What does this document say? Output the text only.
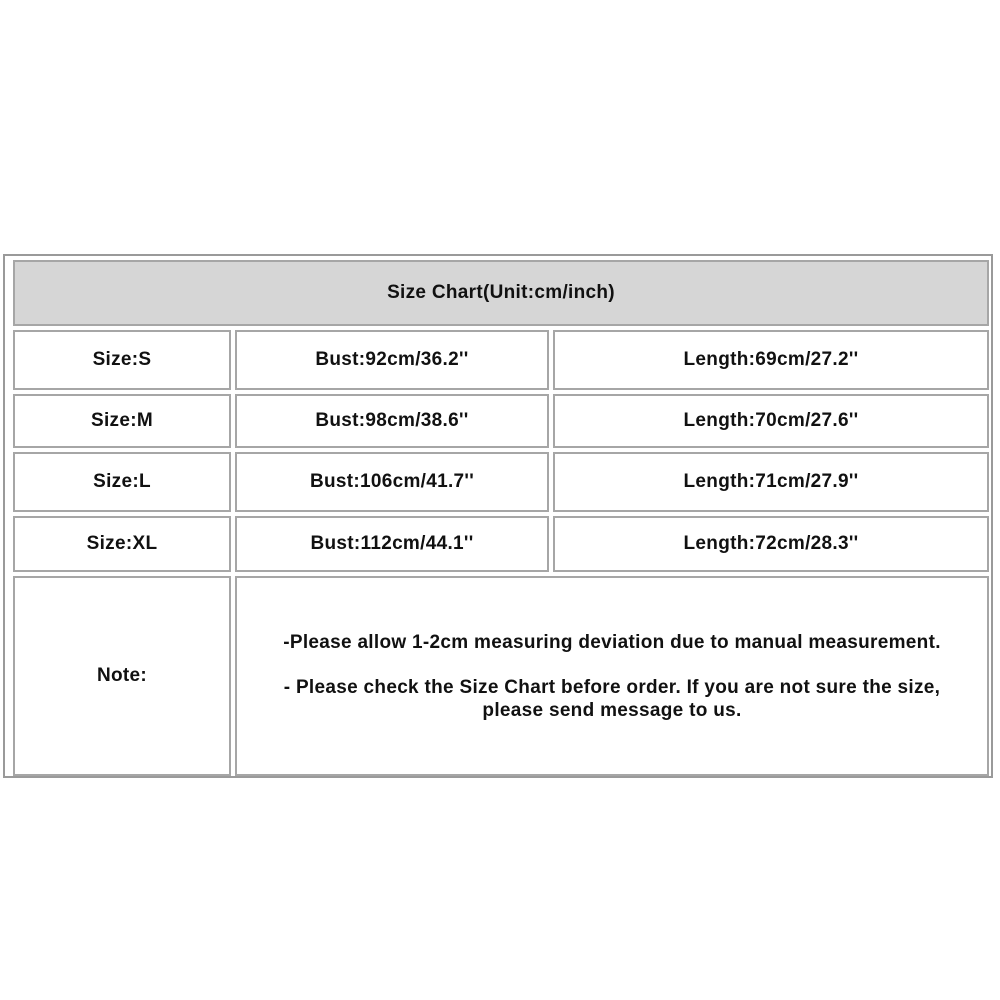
Size Chart(Unit:cm/inch)
Size:S	Bust:92cm/36.2''	Length:69cm/27.2''
Size:M	Bust:98cm/38.6''	Length:70cm/27.6''
Size:L	Bust:106cm/41.7''	Length:71cm/27.9''
Size:XL	Bust:112cm/44.1''	Length:72cm/28.3''
Note:

-Please allow 1-2cm measuring deviation due to manual measurement.

- Please check the Size Chart before order. If you are not sure the size, please send message to us.
